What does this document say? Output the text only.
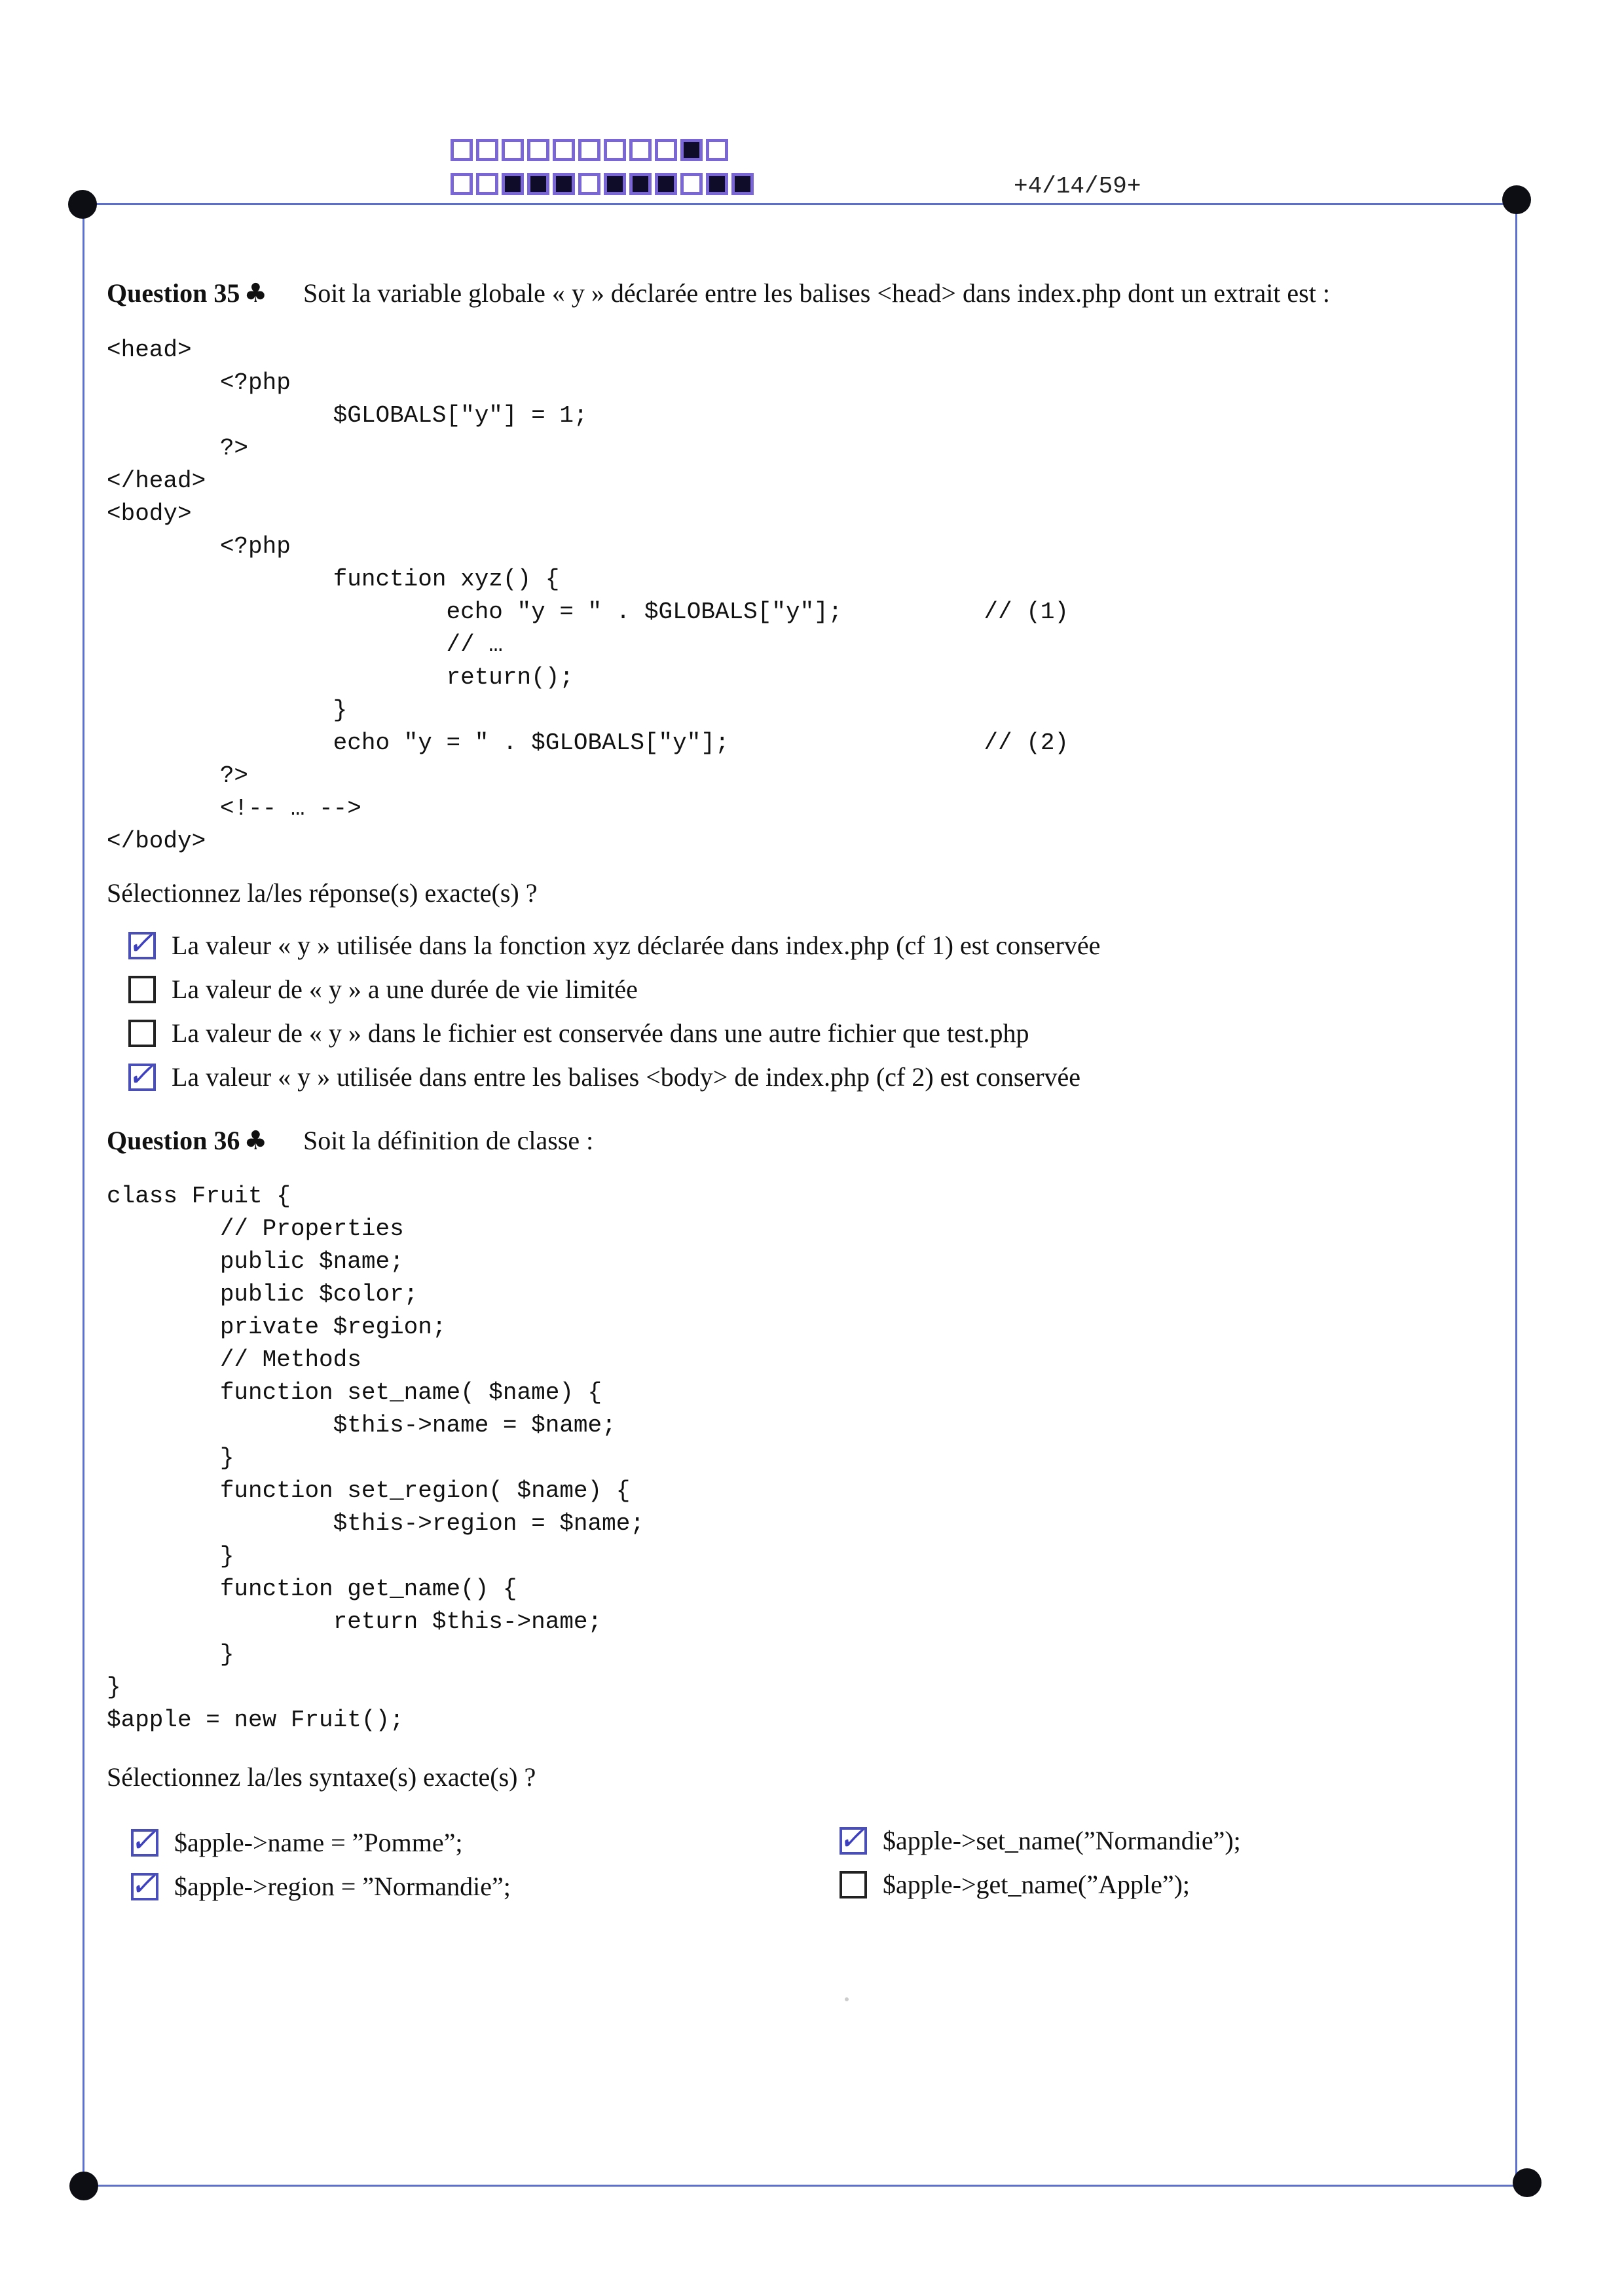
+4/14/59+
Question 35 ♣ Soit la variable globale « y » déclarée entre les balises <head> dans index.php dont un extrait est :
<head>
<?php
$GLOBALS["y"] = 1;
?>
</head>
<body>
<?php
function xyz() {
echo "y = " . $GLOBALS["y"];          // (1)
// …
return();
}
echo "y = " . $GLOBALS["y"];                  // (2)
?>
<!-- … -->
</body>
Sélectionnez la/les réponse(s) exacte(s) ?
✓ La valeur « y » utilisée dans la fonction xyz déclarée dans index.php (cf 1) est conservée
La valeur de « y » a une durée de vie limitée
La valeur de « y » dans le fichier est conservée dans une autre fichier que test.php
✓ La valeur « y » utilisée dans entre les balises <body> de index.php (cf 2) est conservée
Question 36 ♣ Soit la définition de classe :
class Fruit {
// Properties
public $name;
public $color;
private $region;
// Methods
function set_name( $name) {
$this->name = $name;
}
function set_region( $name) {
$this->region = $name;
}
function get_name() {
return $this->name;
}
}
$apple = new Fruit();
Sélectionnez la/les syntaxe(s) exacte(s) ?
✓ $apple->name = ”Pomme”;
✓ $apple->region = ”Normandie”;
✓ $apple->set_name(”Normandie”);
$apple->get_name(”Apple”);
